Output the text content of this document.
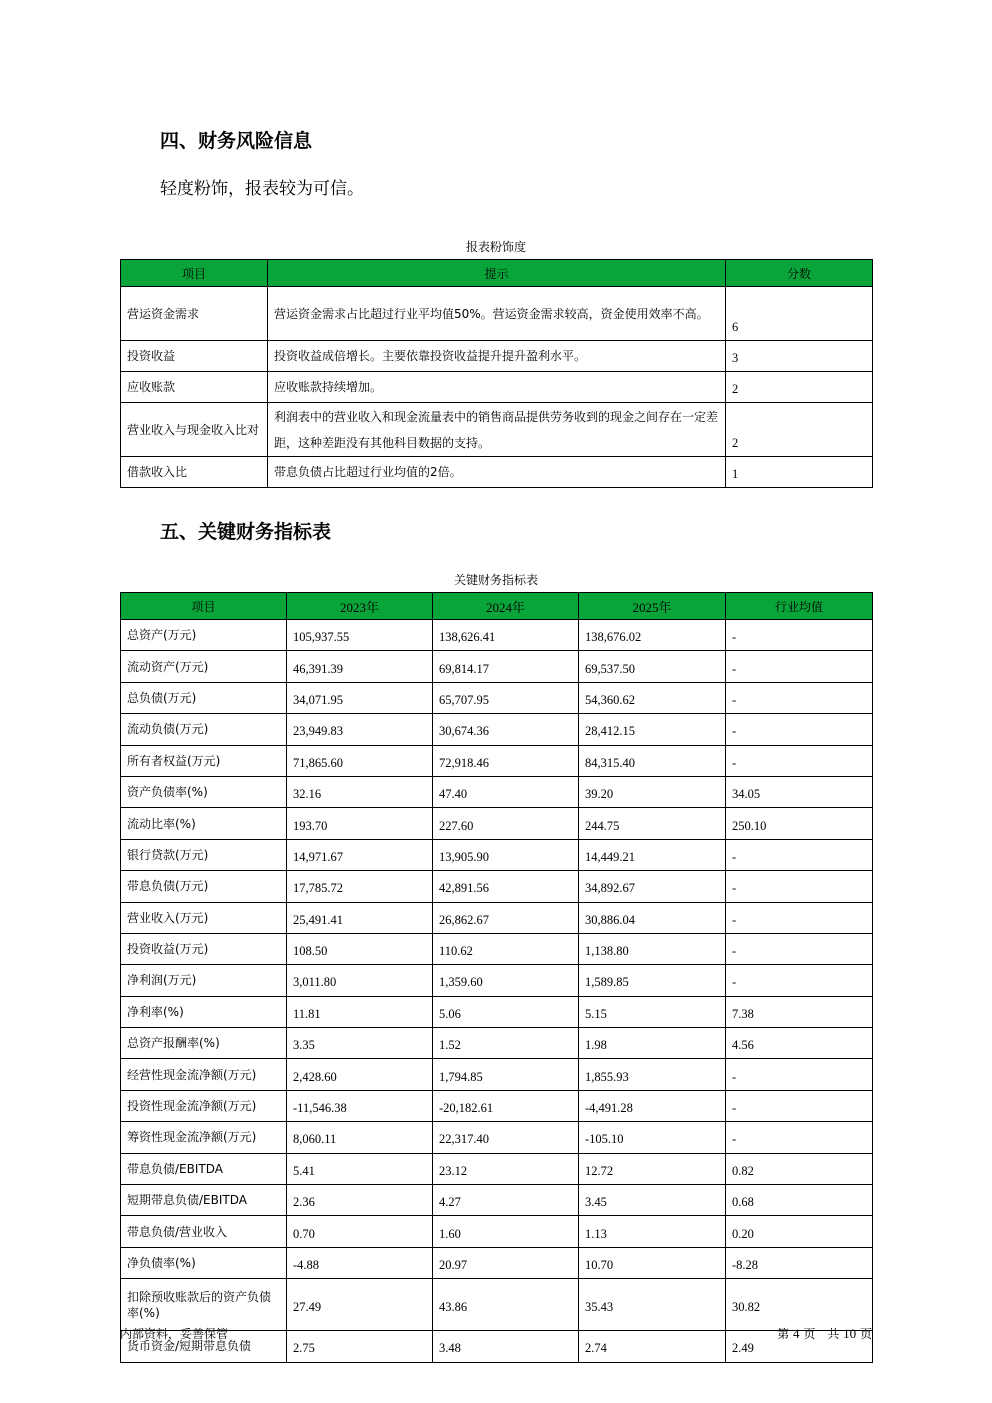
四、财务风险信息

轻度粉饰，报表较为可信。

报表粉饰度
项目	提示	分数
营运资金需求	营运资金需求占比超过行业平均值50%。营运资金需求较高，资金使用效率不高。	6
投资收益	投资收益成倍增长。主要依靠投资收益提升提升盈利水平。	3
应收账款	应收账款持续增加。	2
营业收入与现金收入比对	利润表中的营业收入和现金流量表中的销售商品提供劳务收到的现金之间存在一定差距，这种差距没有其他科目数据的支持。	2
借款收入比	带息负债占比超过行业均值的2倍。	1
五、关键财务指标表
关键财务指标表
项目	2023年	2024年	2025年	行业均值
总资产(万元)	105,937.55	138,626.41	138,676.02	-
流动资产(万元)	46,391.39	69,814.17	69,537.50	-
总负债(万元)	34,071.95	65,707.95	54,360.62	-
流动负债(万元)	23,949.83	30,674.36	28,412.15	-
所有者权益(万元)	71,865.60	72,918.46	84,315.40	-
资产负债率(%)	32.16	47.40	39.20	34.05
流动比率(%)	193.70	227.60	244.75	250.10
银行贷款(万元)	14,971.67	13,905.90	14,449.21	-
带息负债(万元)	17,785.72	42,891.56	34,892.67	-
营业收入(万元)	25,491.41	26,862.67	30,886.04	-
投资收益(万元)	108.50	110.62	1,138.80	-
净利润(万元)	3,011.80	1,359.60	1,589.85	-
净利率(%)	11.81	5.06	5.15	7.38
总资产报酬率(%)	3.35	1.52	1.98	4.56
经营性现金流净额(万元)	2,428.60	1,794.85	1,855.93	-
投资性现金流净额(万元)	-11,546.38	-20,182.61	-4,491.28	-
筹资性现金流净额(万元)	8,060.11	22,317.40	-105.10	-
带息负债/EBITDA	5.41	23.12	12.72	0.82
短期带息负债/EBITDA	2.36	4.27	3.45	0.68
带息负债/营业收入	0.70	1.60	1.13	0.20
净负债率(%)	-4.88	20.97	10.70	-8.28
扣除预收账款后的资产负债率(%)	27.49	43.86	35.43	30.82
货币资金/短期带息负债	2.75	3.48	2.74	2.49
内部资料，妥善保管	第 4 页　共 10 页
